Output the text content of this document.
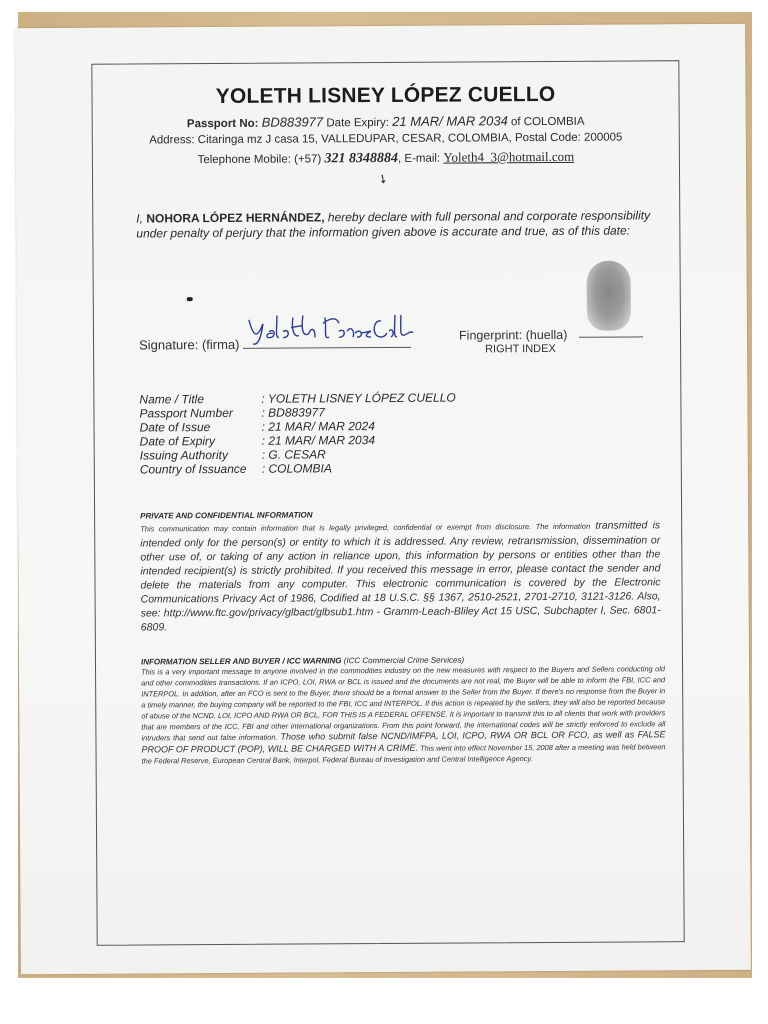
YOLETH LISNEY LÓPEZ CUELLO
Passport No: BD883977 Date Expiry: 21 MAR/ MAR 2034 of COLOMBIA
Address: Citaringa mz J casa 15, VALLEDUPAR, CESAR, COLOMBIA, Postal Code: 200005
Telephone Mobile: (+57) 321 8348884, E-mail: Yoleth4_3@hotmail.com
➘
I, NOHORA LÓPEZ HERNÁNDEZ, hereby declare with full personal and corporate responsibility under penalty of perjury that the information given above is accurate and true, as of this date:
Signature: (firma)
Fingerprint: (huella)
RIGHT INDEX
Name / Title	: YOLETH LISNEY LÓPEZ CUELLO
Passport Number : BD883977
Date of Issue	: 21 MAR/ MAR 2024
Date of Expiry	: 21 MAR/ MAR 2034
Issuing Authority	: G. CESAR
Country of Issuance : COLOMBIA
PRIVATE AND CONFIDENTIAL INFORMATION
This communication may contain information that is legally privileged, confidential or exempt from disclosure. The information transmitted is intended only for the person(s) or entity to which it is addressed. Any review, retransmission, dissemination or other use of, or taking of any action in reliance upon, this information by persons or entities other than the intended recipient(s) is strictly prohibited. If you received this message in error, please contact the sender and delete the materials from any computer. This electronic communication is covered by the Electronic Communications Privacy Act of 1986, Codified at 18 U.S.C. §§ 1367, 2510-2521, 2701-2710, 3121-3126. Also, see: http://www.ftc.gov/privacy/glbact/glbsub1.htm - Gramm-Leach-Bliley Act 15 USC, Subchapter I, Sec. 6801-6809.
INFORMATION SELLER AND BUYER / ICC WARNING (ICC Commercial Crime Services)
This is a very important message to anyone involved in the commodities industry on the new measures with respect to the Buyers and Sellers conducting old and other commodities transactions. If an ICPO, LOI, RWA or BCL is issued and the documents are not real, the Buyer will be able to inform the FBI, ICC and INTERPOL. In addition, after an FCO is sent to the Buyer, there should be a formal answer to the Seller from the Buyer. If there's no response from the Buyer in a timely manner, the buying company will be reported to the FBI, ICC and INTERPOL. If this action is repeated by the sellers, they will also be reported because of abuse of the NCND, LOI, ICPO AND RWA OR BCL, FOR THIS IS A FEDERAL OFFENSE. It is important to transmit this to all clients that work with providers that are members of the ICC, FBI and other international organizations. From this point forward, the international codes will be strictly enforced to exclude all intruders that send out false information. Those who submit false NCND/IMFPA, LOI, ICPO, RWA OR BCL OR FCO, as well as FALSE PROOF OF PRODUCT (POP), WILL BE CHARGED WITH A CRIME. This went into effect November 15, 2008 after a meeting was held between the Federal Reserve, European Central Bank, Interpol, Federal Bureau of Investigation and Central Intelligence Agency.
